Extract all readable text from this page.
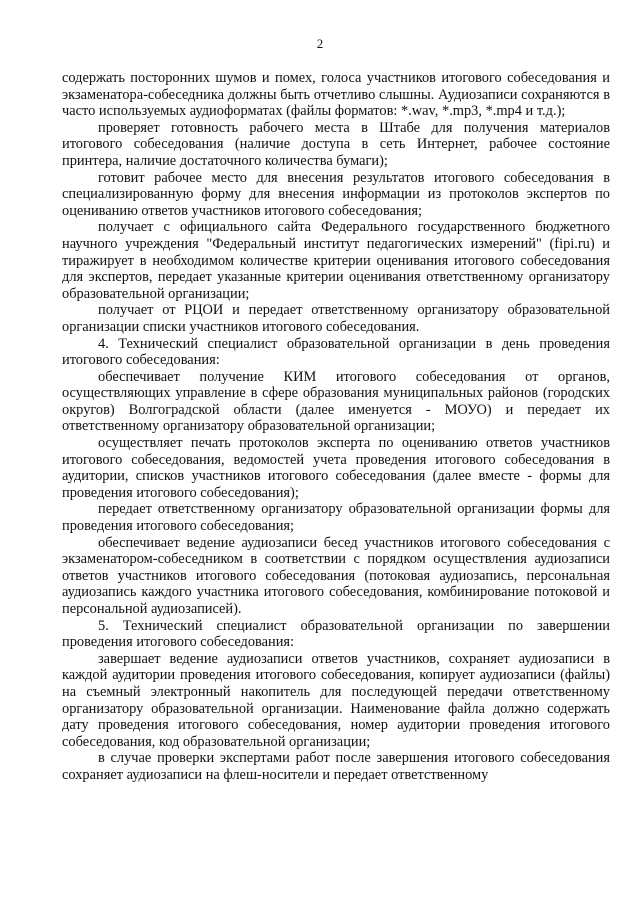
2

содержать посторонних шумов и помех, голоса участников итогового собеседования и экзаменатора-собеседника должны быть отчетливо слышны. Аудиозаписи сохраняются в часто используемых аудиоформатах (файлы форматов: *.wav, *.mp3, *.mp4 и т.д.);

проверяет готовность рабочего места в Штабе для получения материалов итогового собеседования (наличие доступа в сеть Интернет, рабочее состояние принтера, наличие достаточного количества бумаги);

готовит рабочее место для внесения результатов итогового собеседования в специализированную форму для внесения информации из протоколов экспертов по оцениванию ответов участников итогового собеседования;

получает с официального сайта Федерального государственного бюджетного научного учреждения "Федеральный институт педагогических измерений" (fipi.ru) и тиражирует в необходимом количестве критерии оценивания итогового собеседования для экспертов, передает указанные критерии оценивания ответственному организатору образовательной организации;

получает от РЦОИ и передает ответственному организатору образовательной организации списки участников итогового собеседования.

4. Технический специалист образовательной организации в день проведения итогового собеседования:

обеспечивает получение КИМ итогового собеседования от органов, осуществляющих управление в сфере образования муниципальных районов (городских округов) Волгоградской области (далее именуется - МОУО) и передает их ответственному организатору образовательной организации;

осуществляет печать протоколов эксперта по оцениванию ответов участников итогового собеседования, ведомостей учета проведения итогового собеседования в аудитории, списков участников итогового собеседования (далее вместе - формы для проведения итогового собеседования);

передает ответственному организатору образовательной организации формы для проведения итогового собеседования;

обеспечивает ведение аудиозаписи бесед участников итогового собеседования с экзаменатором-собеседником в соответствии с порядком осуществления аудиозаписи ответов участников итогового собеседования (потоковая аудиозапись, персональная аудиозапись каждого участника итогового собеседования, комбинирование потоковой и персональной аудиозаписей).

5. Технический специалист образовательной организации по завершении проведения итогового собеседования:

завершает ведение аудиозаписи ответов участников, сохраняет аудиозаписи в каждой аудитории проведения итогового собеседования, копирует аудиозаписи (файлы) на съемный электронный накопитель для последующей передачи ответственному организатору образовательной организации. Наименование файла должно содержать дату проведения итогового собеседования, номер аудитории проведения итогового собеседования, код образовательной организации;

в случае проверки экспертами работ после завершения итогового собеседования сохраняет аудиозаписи на флеш-носители и передает ответственному
